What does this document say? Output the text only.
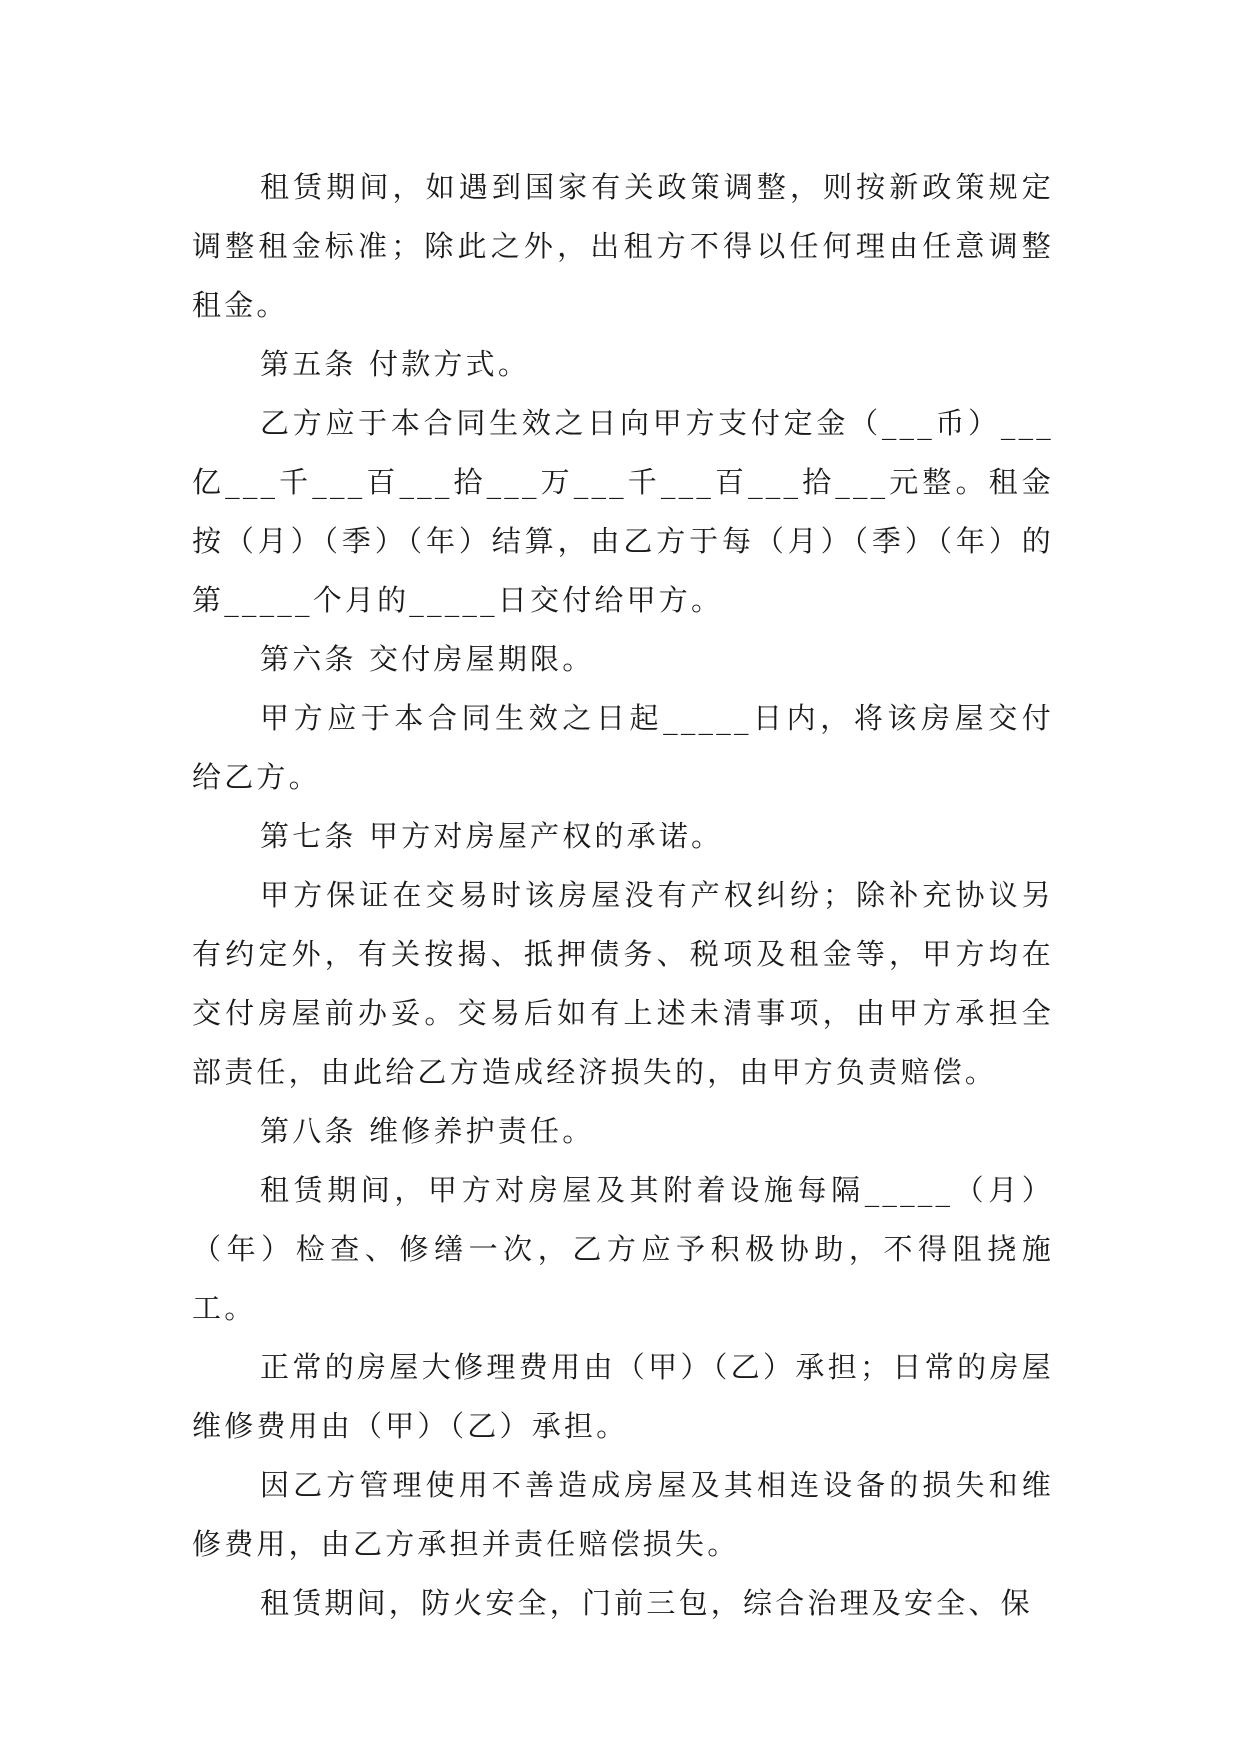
租赁期间，如遇到国家有关政策调整，则按新政策规定调整租金标准；除此之外，出租方不得以任何理由任意调整租金。

第五条 付款方式。

乙方应于本合同生效之日向甲方支付定金（___币）___亿___千___百___拾___万___千___百___拾___元整。租金按（月）（季）（年）结算，由乙方于每（月）（季）（年）的第_____个月的_____日交付给甲方。

第六条 交付房屋期限。

甲方应于本合同生效之日起_____日内，将该房屋交付给乙方。

第七条 甲方对房屋产权的承诺。

甲方保证在交易时该房屋没有产权纠纷；除补充协议另有约定外，有关按揭、抵押债务、税项及租金等，甲方均在交付房屋前办妥。交易后如有上述未清事项，由甲方承担全部责任，由此给乙方造成经济损失的，由甲方负责赔偿。

第八条 维修养护责任。

租赁期间，甲方对房屋及其附着设施每隔_____（月）（年）检查、修缮一次，乙方应予积极协助，不得阻挠施工。

正常的房屋大修理费用由（甲）（乙）承担；日常的房屋维修费用由（甲）（乙）承担。

因乙方管理使用不善造成房屋及其相连设备的损失和维修费用，由乙方承担并责任赔偿损失。

租赁期间，防火安全，门前三包，综合治理及安全、保
